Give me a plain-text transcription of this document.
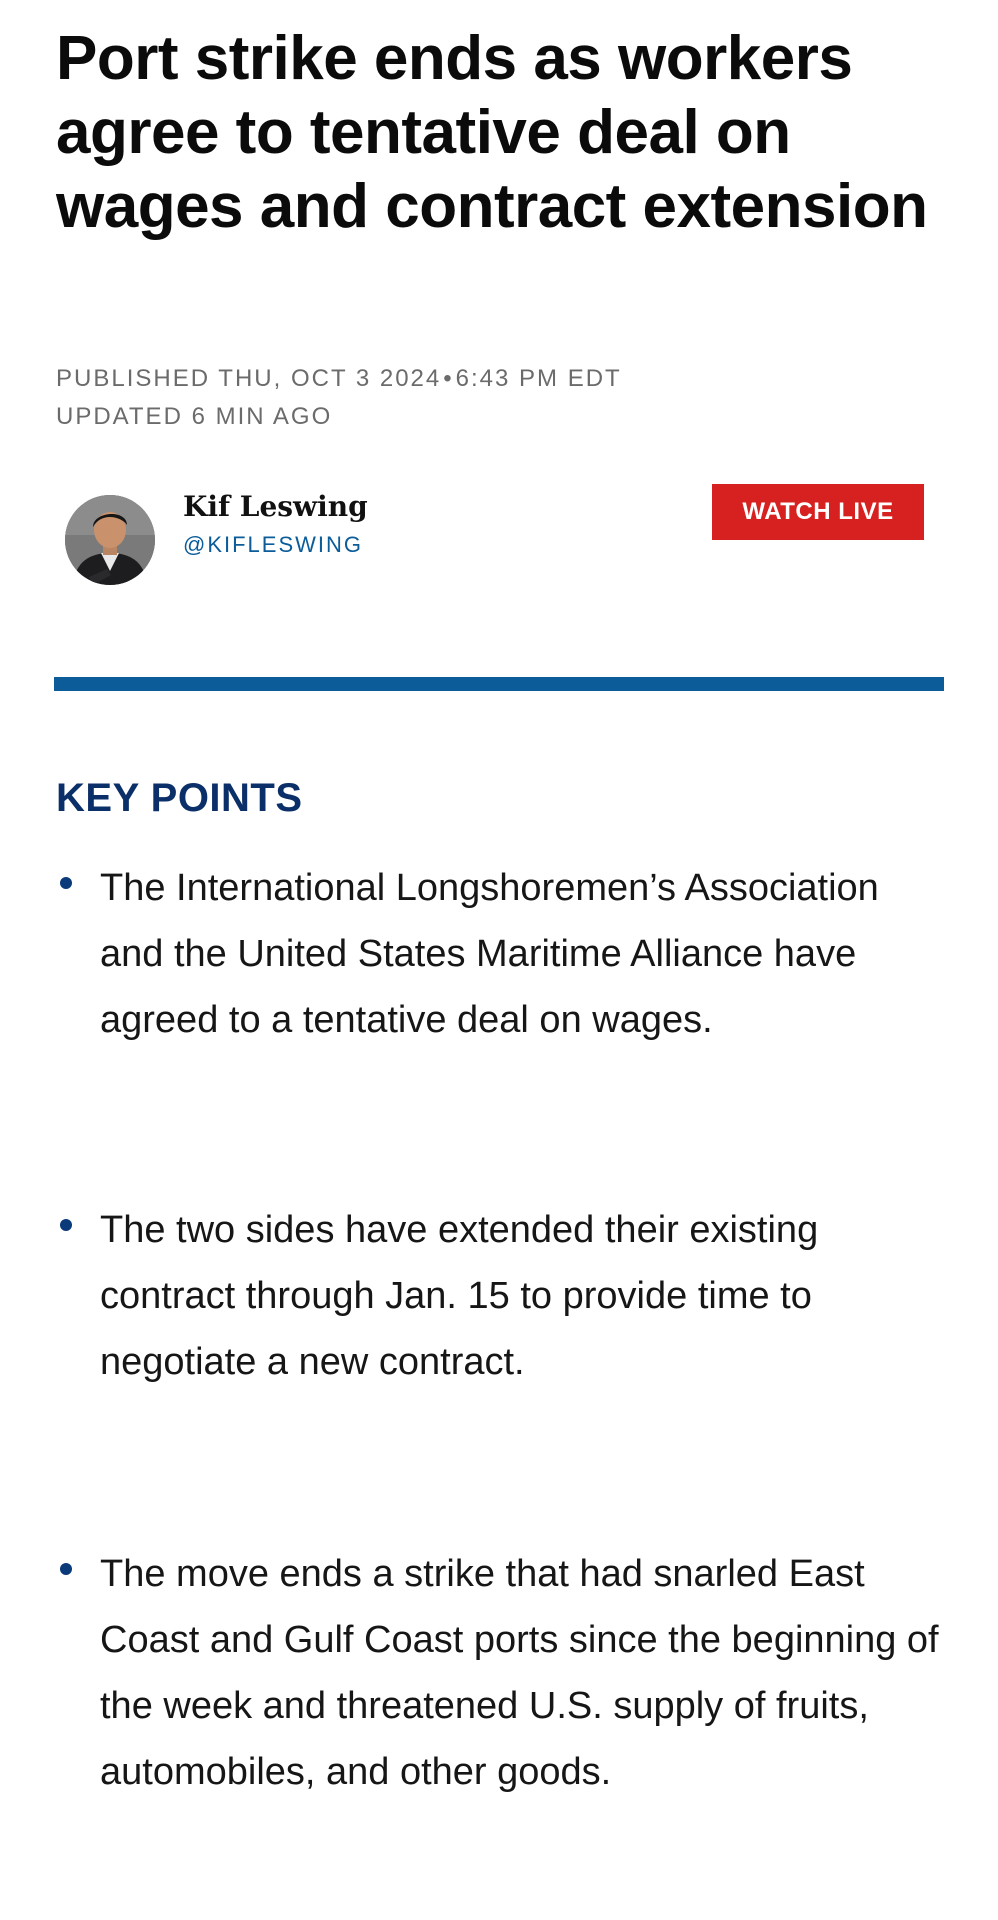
Port strike ends as workers agree to tentative deal on wages and contract extension
PUBLISHED THU, OCT 3 2024•6:43 PM EDT
UPDATED 6 MIN AGO
Kif Leswing
@KIFLESWING
WATCH LIVE
KEY POINTS
The International Longshoremen’s Association and the United States Maritime Alliance have agreed to a tentative deal on wages.
The two sides have extended their existing contract through Jan. 15 to provide time to negotiate a new contract.
The move ends a strike that had snarled East Coast and Gulf Coast ports since the beginning of the week and threatened U.S. supply of fruits, automobiles, and other goods.
